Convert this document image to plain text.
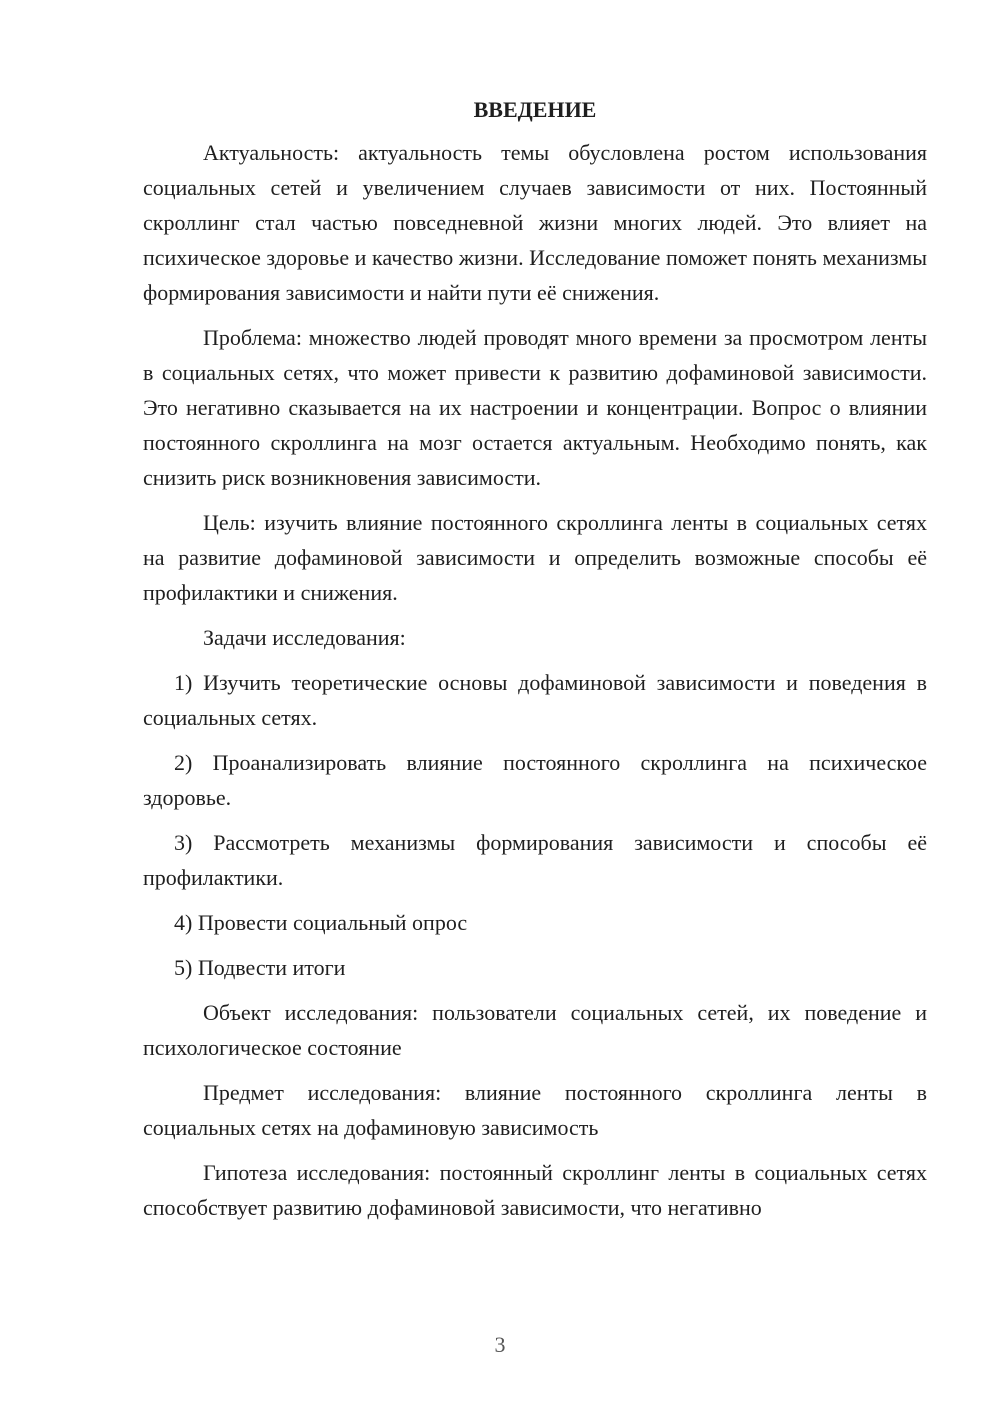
ВВЕДЕНИЕ

Актуальность: актуальность темы обусловлена ростом использования социальных сетей и увеличением случаев зависимости от них. Постоянный скроллинг стал частью повседневной жизни многих людей. Это влияет на психическое здоровье и качество жизни. Исследование поможет понять механизмы формирования зависимости и найти пути её снижения.

Проблема: множество людей проводят много времени за просмотром ленты в социальных сетях, что может привести к развитию дофаминовой зависимости. Это негативно сказывается на их настроении и концентрации. Вопрос о влиянии постоянного скроллинга на мозг остается актуальным. Необходимо понять, как снизить риск возникновения зависимости.

Цель: изучить влияние постоянного скроллинга ленты в социальных сетях на развитие дофаминовой зависимости и определить возможные способы её профилактики и снижения.

Задачи исследования:

1) Изучить теоретические основы дофаминовой зависимости и поведения в социальных сетях.

2) Проанализировать влияние постоянного скроллинга на психическое здоровье.

3) Рассмотреть механизмы формирования зависимости и способы её профилактики.

4) Провести социальный опрос

5) Подвести итоги

Объект исследования: пользователи социальных сетей, их поведение и психологическое состояние

Предмет исследования: влияние постоянного скроллинга ленты в социальных сетях на дофаминовую зависимость

Гипотеза исследования: постоянный скроллинг ленты в социальных сетях способствует развитию дофаминовой зависимости, что негативно

3
